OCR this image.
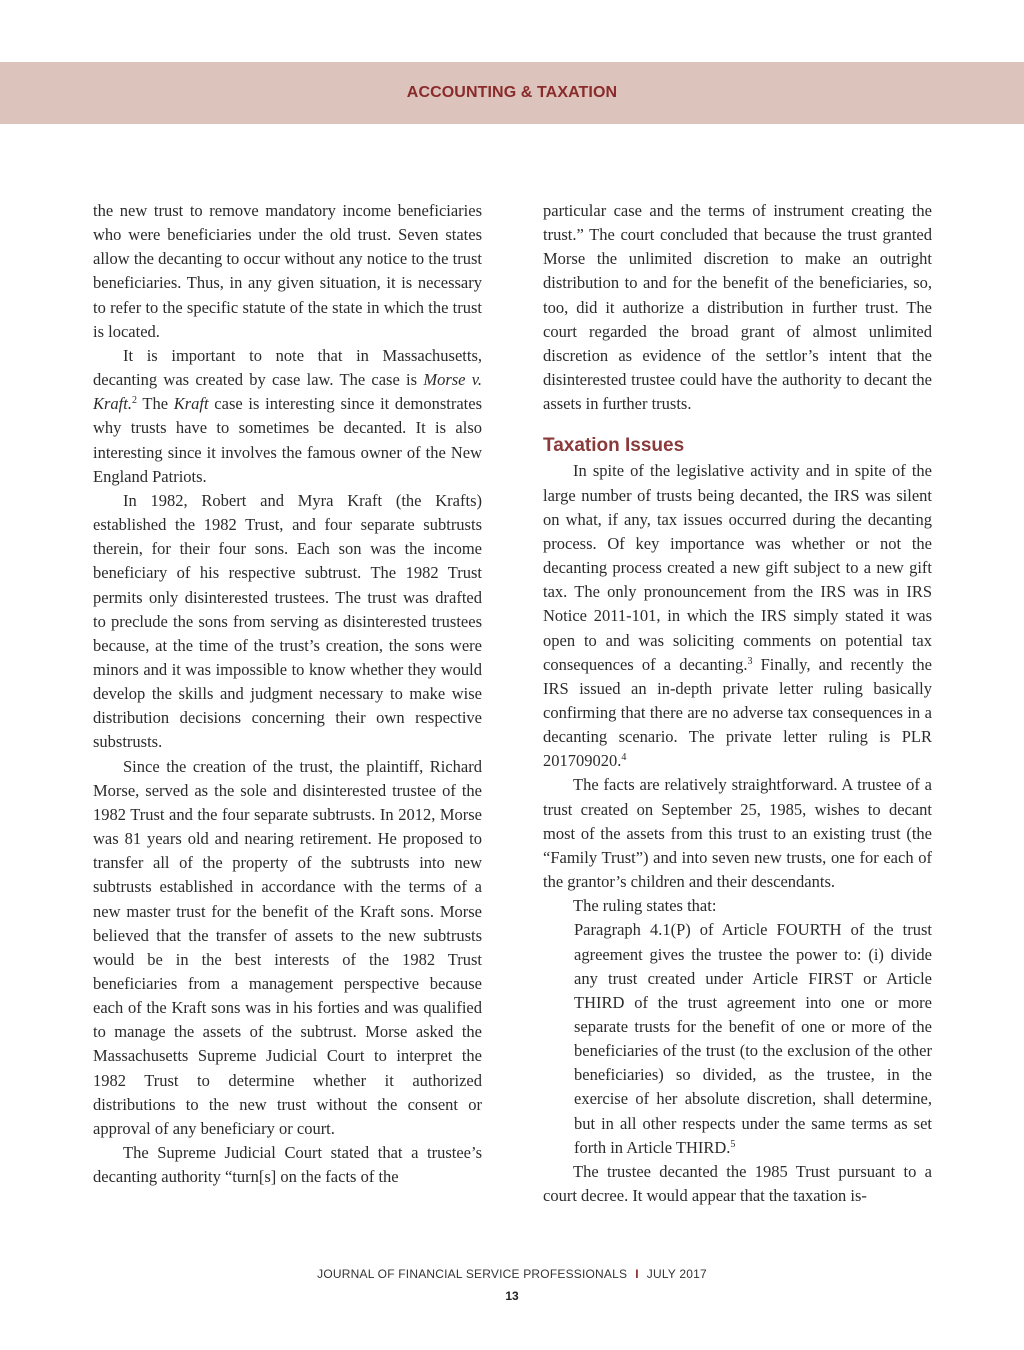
ACCOUNTING & TAXATION

the new trust to remove mandatory income beneficiaries who were beneficiaries under the old trust. Seven states allow the decanting to occur without any notice to the trust beneficiaries. Thus, in any given situation, it is necessary to refer to the specific statute of the state in which the trust is located.

It is important to note that in Massachusetts, decanting was created by case law. The case is Morse v. Kraft.$^2$ The Kraft case is interesting since it demonstrates why trusts have to sometimes be decanted. It is also interesting since it involves the famous owner of the New England Patriots.

In 1982, Robert and Myra Kraft (the Krafts) established the 1982 Trust, and four separate subtrusts therein, for their four sons. Each son was the income beneficiary of his respective subtrust. The 1982 Trust permits only disinterested trustees. The trust was drafted to preclude the sons from serving as disinterested trustees because, at the time of the trust’s creation, the sons were minors and it was impossible to know whether they would develop the skills and judgment necessary to make wise distribution decisions concerning their own respective substrusts.

Since the creation of the trust, the plaintiff, Richard Morse, served as the sole and disinterested trustee of the 1982 Trust and the four separate subtrusts. In 2012, Morse was 81 years old and nearing retirement. He proposed to transfer all of the property of the subtrusts into new subtrusts established in accordance with the terms of a new master trust for the benefit of the Kraft sons. Morse believed that the transfer of assets to the new subtrusts would be in the best interests of the 1982 Trust beneficiaries from a management perspective because each of the Kraft sons was in his forties and was qualified to manage the assets of the subtrust. Morse asked the Massachusetts Supreme Judicial Court to interpret the 1982 Trust to determine whether it authorized distributions to the new trust without the consent or approval of any beneficiary or court.

The Supreme Judicial Court stated that a trustee’s decanting authority “turn[s] on the facts of the

particular case and the terms of instrument creating the trust.” The court concluded that because the trust granted Morse the unlimited discretion to make an outright distribution to and for the benefit of the beneficiaries, so, too, did it authorize a distribution in further trust. The court regarded the broad grant of almost unlimited discretion as evidence of the settlor’s intent that the disinterested trustee could have the authority to decant the assets in further trusts.

Taxation Issues

In spite of the legislative activity and in spite of the large number of trusts being decanted, the IRS was silent on what, if any, tax issues occurred during the decanting process. Of key importance was whether or not the decanting process created a new gift subject to a new gift tax. The only pronouncement from the IRS was in IRS Notice 2011-101, in which the IRS simply stated it was open to and was soliciting comments on potential tax consequences of a decanting.$^3$ Finally, and recently the IRS issued an in-depth private letter ruling basically confirming that there are no adverse tax consequences in a decanting scenario. The private letter ruling is PLR 201709020.$^4$

The facts are relatively straightforward. A trustee of a trust created on September 25, 1985, wishes to decant most of the assets from this trust to an existing trust (the “Family Trust”) and into seven new trusts, one for each of the grantor’s children and their descendants.

The ruling states that:

Paragraph 4.1(P) of Article FOURTH of the trust agreement gives the trustee the power to: (i) divide any trust created under Article FIRST or Article THIRD of the trust agreement into one or more separate trusts for the benefit of one or more of the beneficiaries of the trust (to the exclusion of the other beneficiaries) so divided, as the trustee, in the exercise of her absolute discretion, shall determine, but in all other respects under the same terms as set forth in Article THIRD.$^5$

The trustee decanted the 1985 Trust pursuant to a court decree. It would appear that the taxation is-

JOURNAL OF FINANCIAL SERVICE PROFESSIONALS I JULY 2017
13
